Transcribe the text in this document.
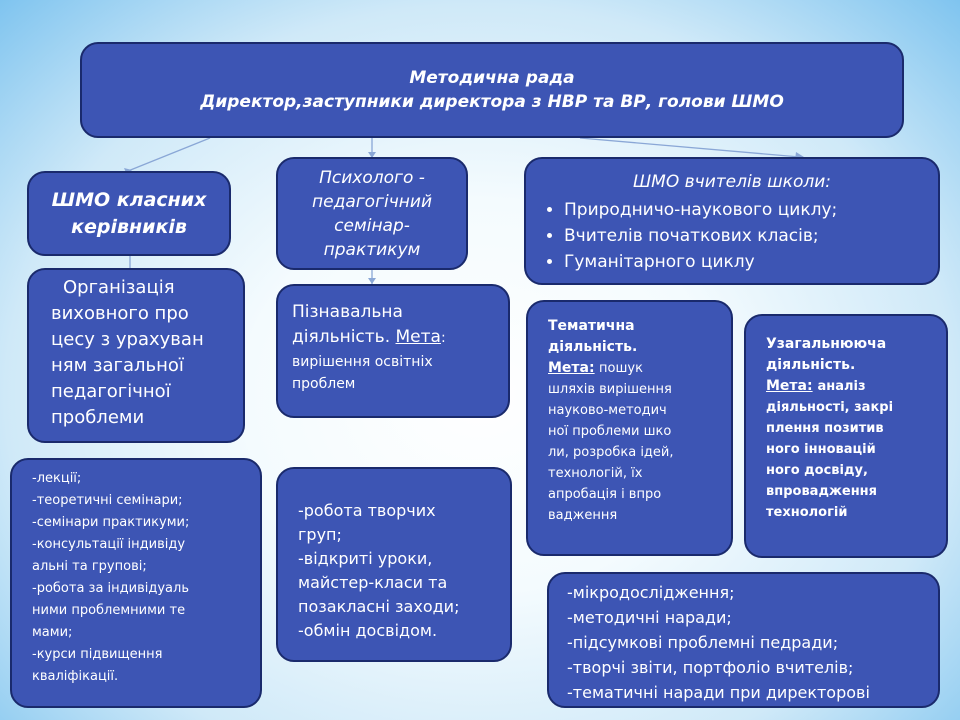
Методична рада
Директор,заступники директора з НВР та ВР, голови ШМО
ШМО класних
керівників
Психолого -
педагогічний
семінар-
практикум
ШМО вчителів школи:
• Природничо-наукового циклу;
• Вчителів початкових класів;
• Гуманітарного циклу
Організація
виховного про
цесу з урахуван
ням загальної
педагогічної
проблеми
Пізнавальна діяльність. Мета:
вирішення освітніх проблем
Тематична
діяльність.
Мета: пошук
шляхів вирішення
науково-методич
ної проблеми шко
ли, розробка ідей,
технологій, їх
апробація і впро
вадження
Узагальнююча
діяльність.
Мета: аналіз
діяльності, закрі
плення позитив
ного інновацій
ного досвіду,
впровадження
технологій
-лекції;
-теоретичні семінари;
-семінари практикуми;
-консультації індивіду
альні та групові;
-робота за індивідуаль
ними проблемними те
мами;
-курси підвищення
кваліфікації.
-робота творчих
груп;
-відкриті уроки,
майстер-класи та
позакласні заходи;
-обмін досвідом.
-мікродослідження;
-методичні наради;
-підсумкові проблемні педради;
-творчі звіти, портфоліо вчителів;
-тематичні наради при директорові
